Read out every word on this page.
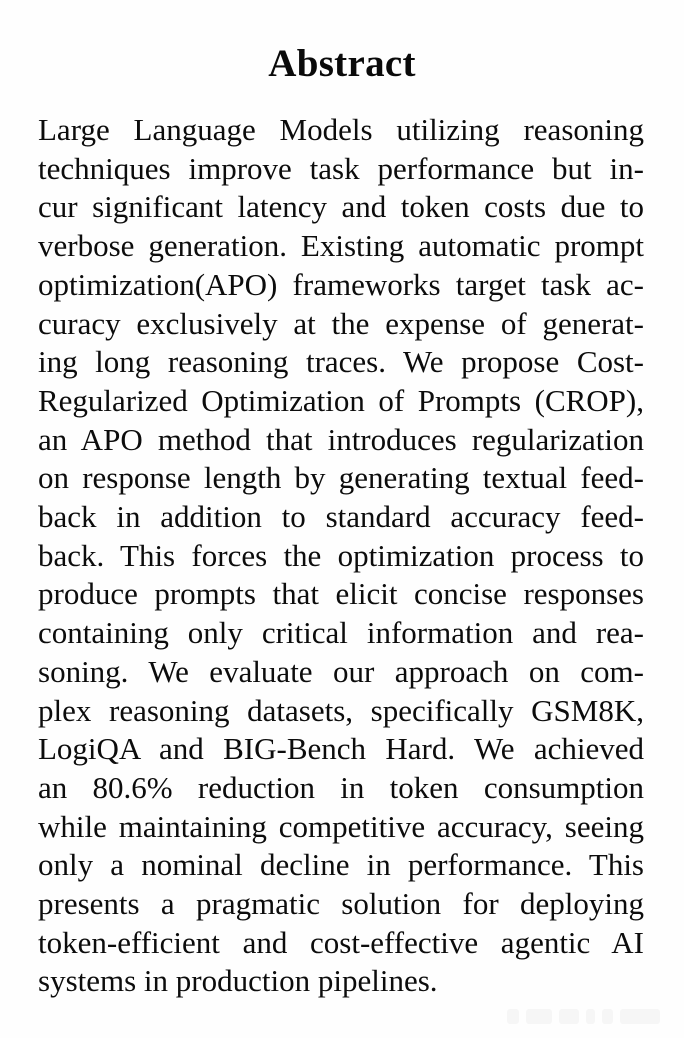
Abstract
Large Language Models utilizing reasoning
techniques improve task performance but in-
cur significant latency and token costs due to
verbose generation. Existing automatic prompt
optimization(APO) frameworks target task ac-
curacy exclusively at the expense of generat-
ing long reasoning traces. We propose Cost-
Regularized Optimization of Prompts (CROP),
an APO method that introduces regularization
on response length by generating textual feed-
back in addition to standard accuracy feed-
back. This forces the optimization process to
produce prompts that elicit concise responses
containing only critical information and rea-
soning. We evaluate our approach on com-
plex reasoning datasets, specifically GSM8K,
LogiQA and BIG-Bench Hard. We achieved
an 80.6% reduction in token consumption
while maintaining competitive accuracy, seeing
only a nominal decline in performance. This
presents a pragmatic solution for deploying
token-efficient and cost-effective agentic AI
systems in production pipelines.
